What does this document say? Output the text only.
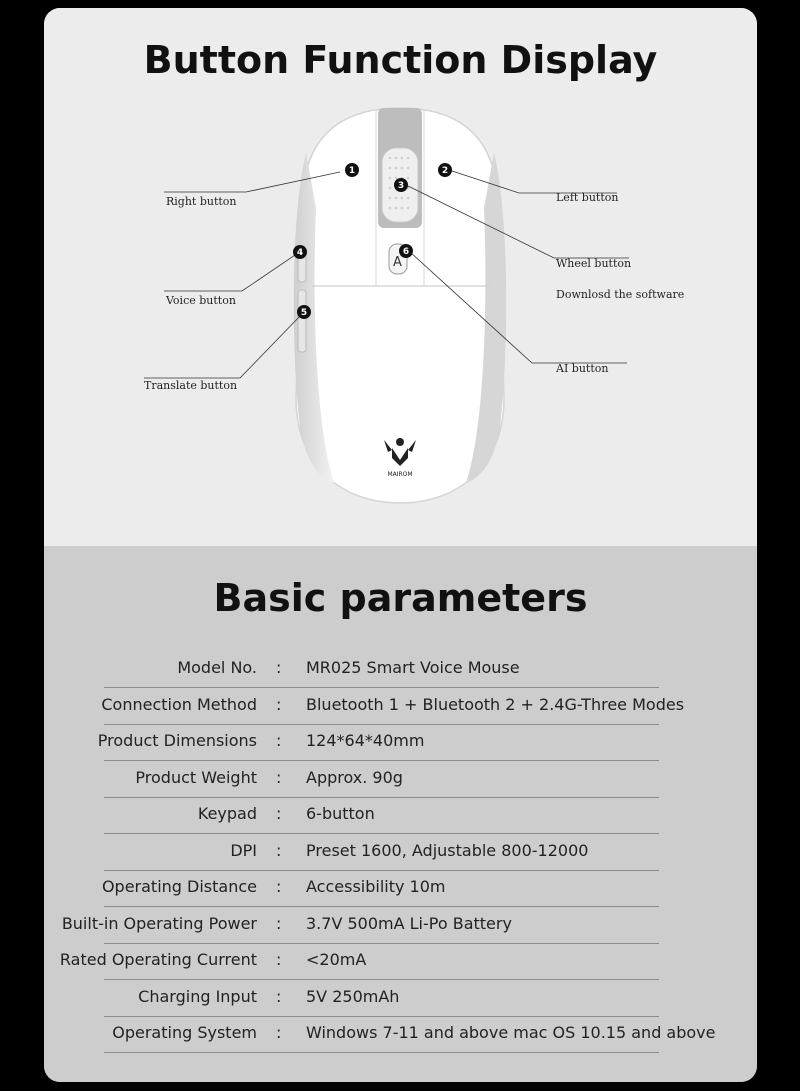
Button Function Display
A
MAIROM
1	2
3
4
5
6
Right button	Left button
Wheel button
Downlosd the software
Voice button
Translate button
AI button
Basic parameters
Model No. : MR025 Smart Voice Mouse
Connection Method : Bluetooth 1 + Bluetooth 2 + 2.4G-Three Modes
Product Dimensions : 124*64*40mm
Product Weight : Approx. 90g
Keypad : 6-button
DPI : Preset 1600, Adjustable 800-12000
Operating Distance : Accessibility 10m
Built-in Operating Power : 3.7V 500mA Li-Po Battery
Rated Operating Current : <20mA
Charging Input : 5V 250mAh
Operating System : Windows 7-11 and above mac OS 10.15 and above
